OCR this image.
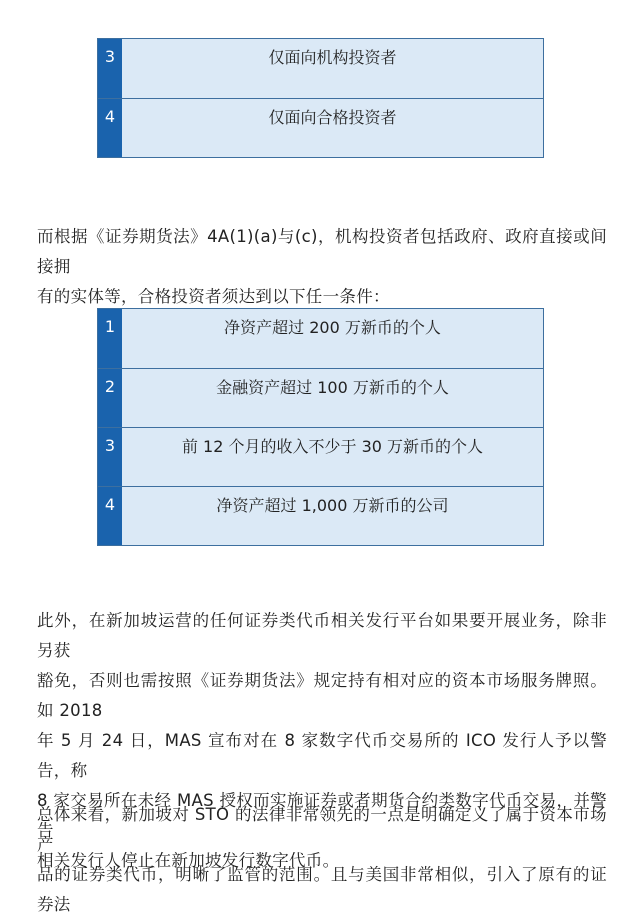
3	仅面向机构投资者
4	仅面向合格投资者

而根据《证券期货法》4A(1)(a)与(c)，机构投资者包括政府、政府直接或间接拥
有的实体等，合格投资者须达到以下任一条件：

1	净资产超过 200 万新币的个人
2	金融资产超过 100 万新币的个人
3	前 12 个月的收入不少于 30 万新币的个人
4	净资产超过 1,000 万新币的公司

此外，在新加坡运营的任何证券类代币相关发行平台如果要开展业务，除非另获
豁免，否则也需按照《证券期货法》规定持有相对应的资本市场服务牌照。如 2018
年 5 月 24 日，MAS 宣布对在 8 家数字代币交易所的 ICO 发行人予以警告，称
8 家交易所在未经 MAS 授权而实施证券或者期货合约类数字代币交易，并警告
相关发行人停止在新加坡发行数字代币。

总体来看，新加坡对 STO 的法律非常领先的一点是明确定义了属于资本市场产
品的证券类代币，明晰了监管的范围。且与美国非常相似，引入了原有的证券法
